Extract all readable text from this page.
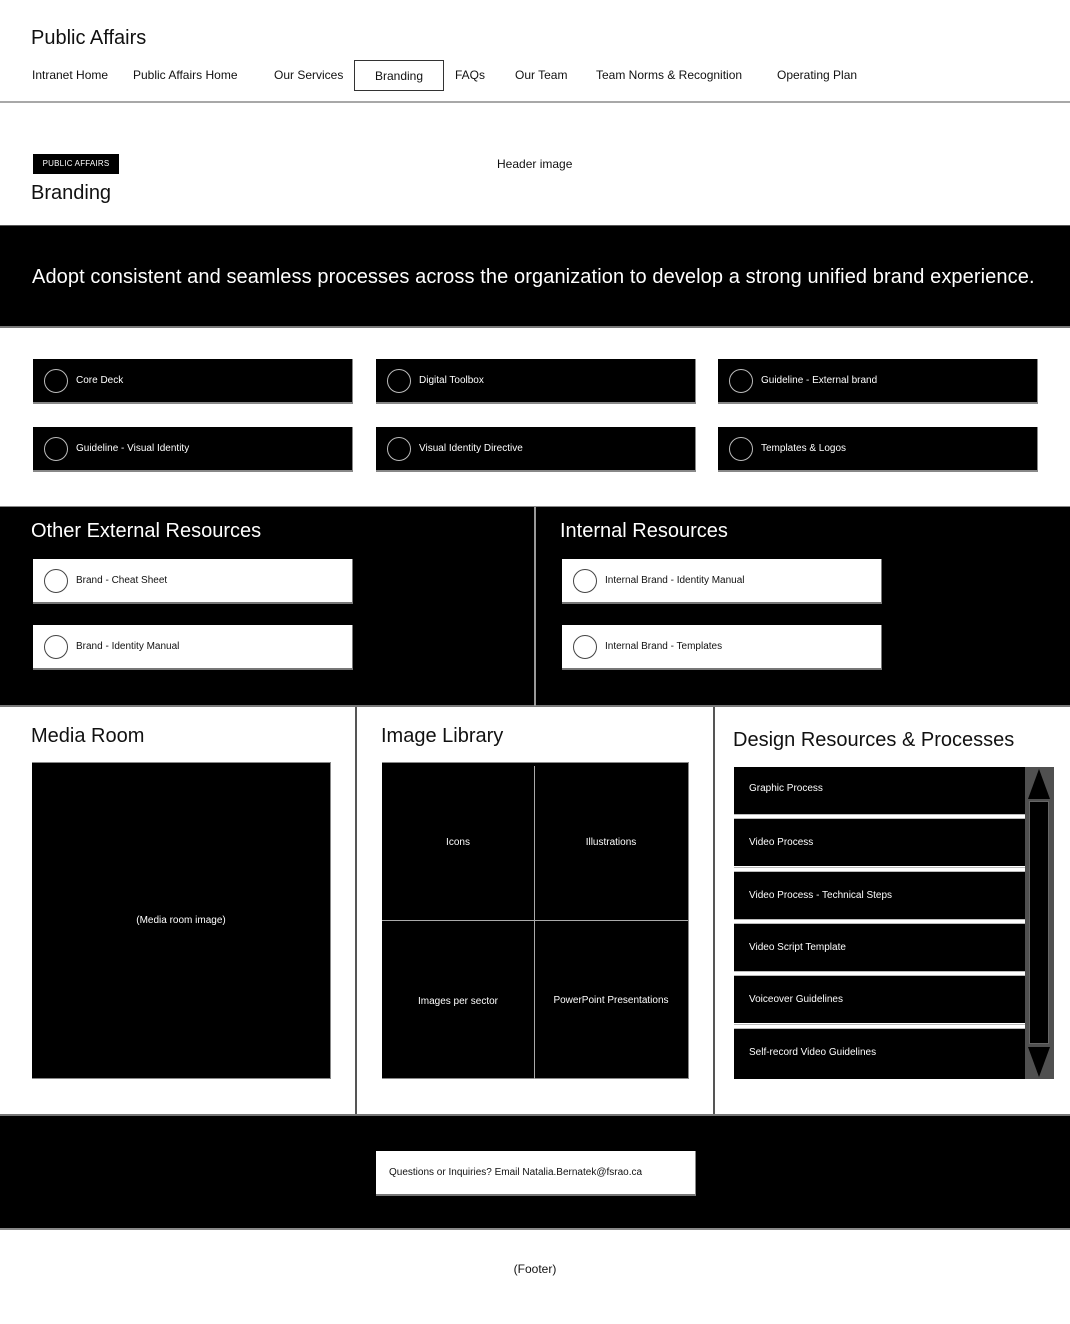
Public Affairs
Intranet Home Public Affairs Home	Our Services	Branding	FAQs Our Team Team Norms & Recognition	Operating Plan
PUBLIC AFFAIRS
Branding
Header image
Adopt consistent and seamless processes across the organization to develop a strong unified brand experience.
Core Deck	Digital Toolbox	Guideline - External brand
Guideline - Visual Identity	Visual Identity Directive	Templates & Logos
Other External Resources
Brand - Cheat Sheet
Brand - Identity Manual
Internal Resources
Internal Brand - Identity Manual
Internal Brand - Templates
Media Room
(Media room image)
Image Library
Icons	Illustrations
Images per sector	PowerPoint Presentations
Design Resources & Processes
Graphic Process
Video Process
Video Process - Technical Steps
Video Script Template
Voiceover Guidelines
Self-record Video Guidelines
Questions or Inquiries? Email Natalia.Bernatek@fsrao.ca
(Footer)
